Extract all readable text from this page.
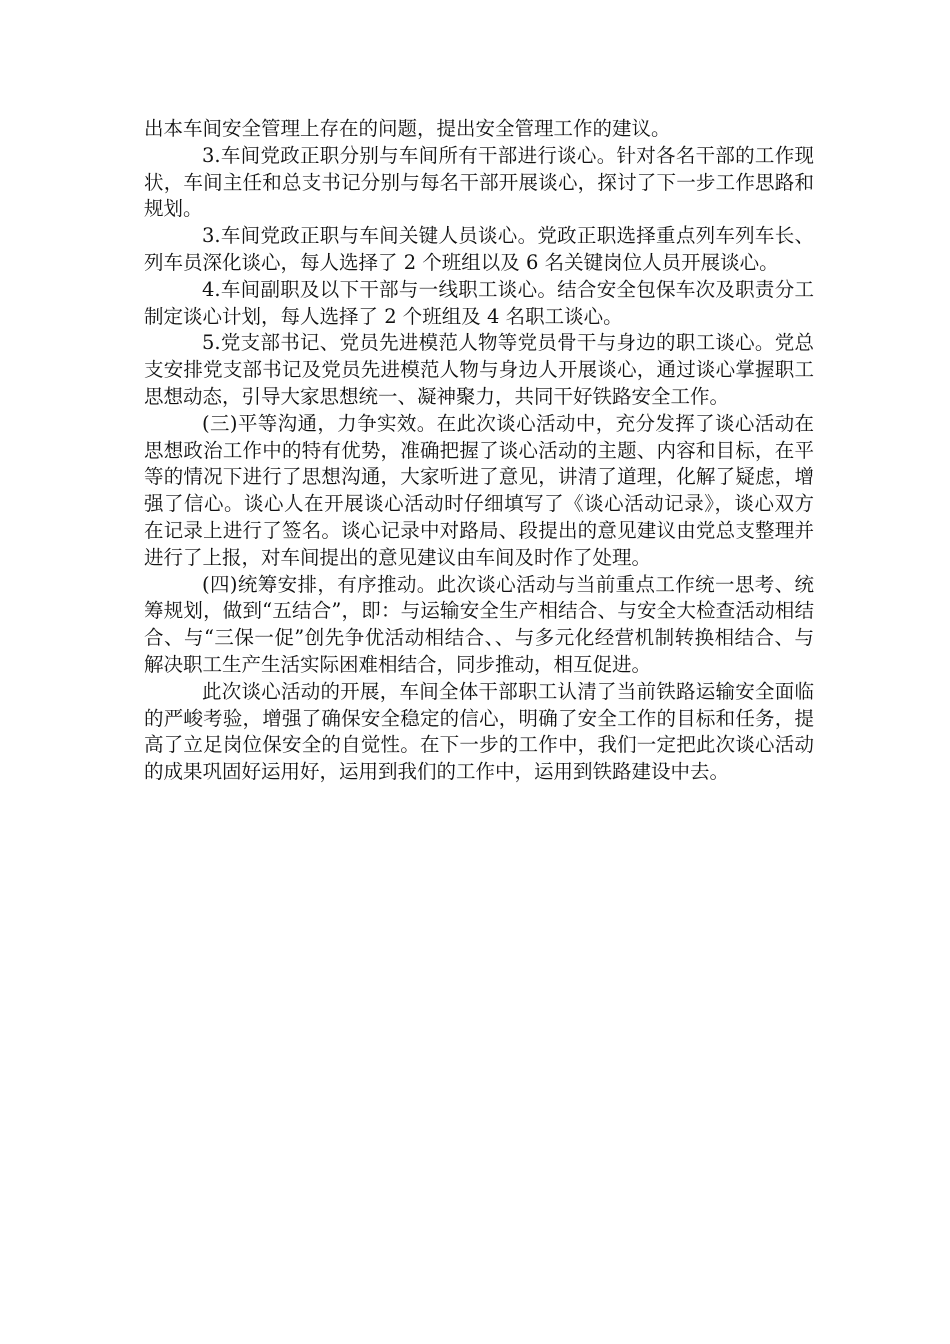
出本车间安全管理上存在的问题，提出安全管理工作的建议。

3.车间党政正职分别与车间所有干部进行谈心。针对各名干部的工作现状，车间主任和总支书记分别与每名干部开展谈心，探讨了下一步工作思路和规划。

3.车间党政正职与车间关键人员谈心。党政正职选择重点列车列车长、列车员深化谈心，每人选择了 2 个班组以及 6 名关键岗位人员开展谈心。

4.车间副职及以下干部与一线职工谈心。结合安全包保车次及职责分工制定谈心计划，每人选择了 2 个班组及 4 名职工谈心。

5.党支部书记、党员先进模范人物等党员骨干与身边的职工谈心。党总支安排党支部书记及党员先进模范人物与身边人开展谈心，通过谈心掌握职工思想动态，引导大家思想统一、凝神聚力，共同干好铁路安全工作。

(三)平等沟通，力争实效。在此次谈心活动中，充分发挥了谈心活动在思想政治工作中的特有优势，准确把握了谈心活动的主题、内容和目标，在平等的情况下进行了思想沟通，大家听进了意见，讲清了道理，化解了疑虑，增强了信心。谈心人在开展谈心活动时仔细填写了《谈心活动记录》，谈心双方在记录上进行了签名。谈心记录中对路局、段提出的意见建议由党总支整理并进行了上报，对车间提出的意见建议由车间及时作了处理。

(四)统筹安排，有序推动。此次谈心活动与当前重点工作统一思考、统筹规划，做到“五结合”，即：与运输安全生产相结合、与安全大检查活动相结合、与“三保一促”创先争优活动相结合、、与多元化经营机制转换相结合、与解决职工生产生活实际困难相结合，同步推动，相互促进。

此次谈心活动的开展，车间全体干部职工认清了当前铁路运输安全面临的严峻考验，增强了确保安全稳定的信心，明确了安全工作的目标和任务，提高了立足岗位保安全的自觉性。在下一步的工作中，我们一定把此次谈心活动的成果巩固好运用好，运用到我们的工作中，运用到铁路建设中去。
